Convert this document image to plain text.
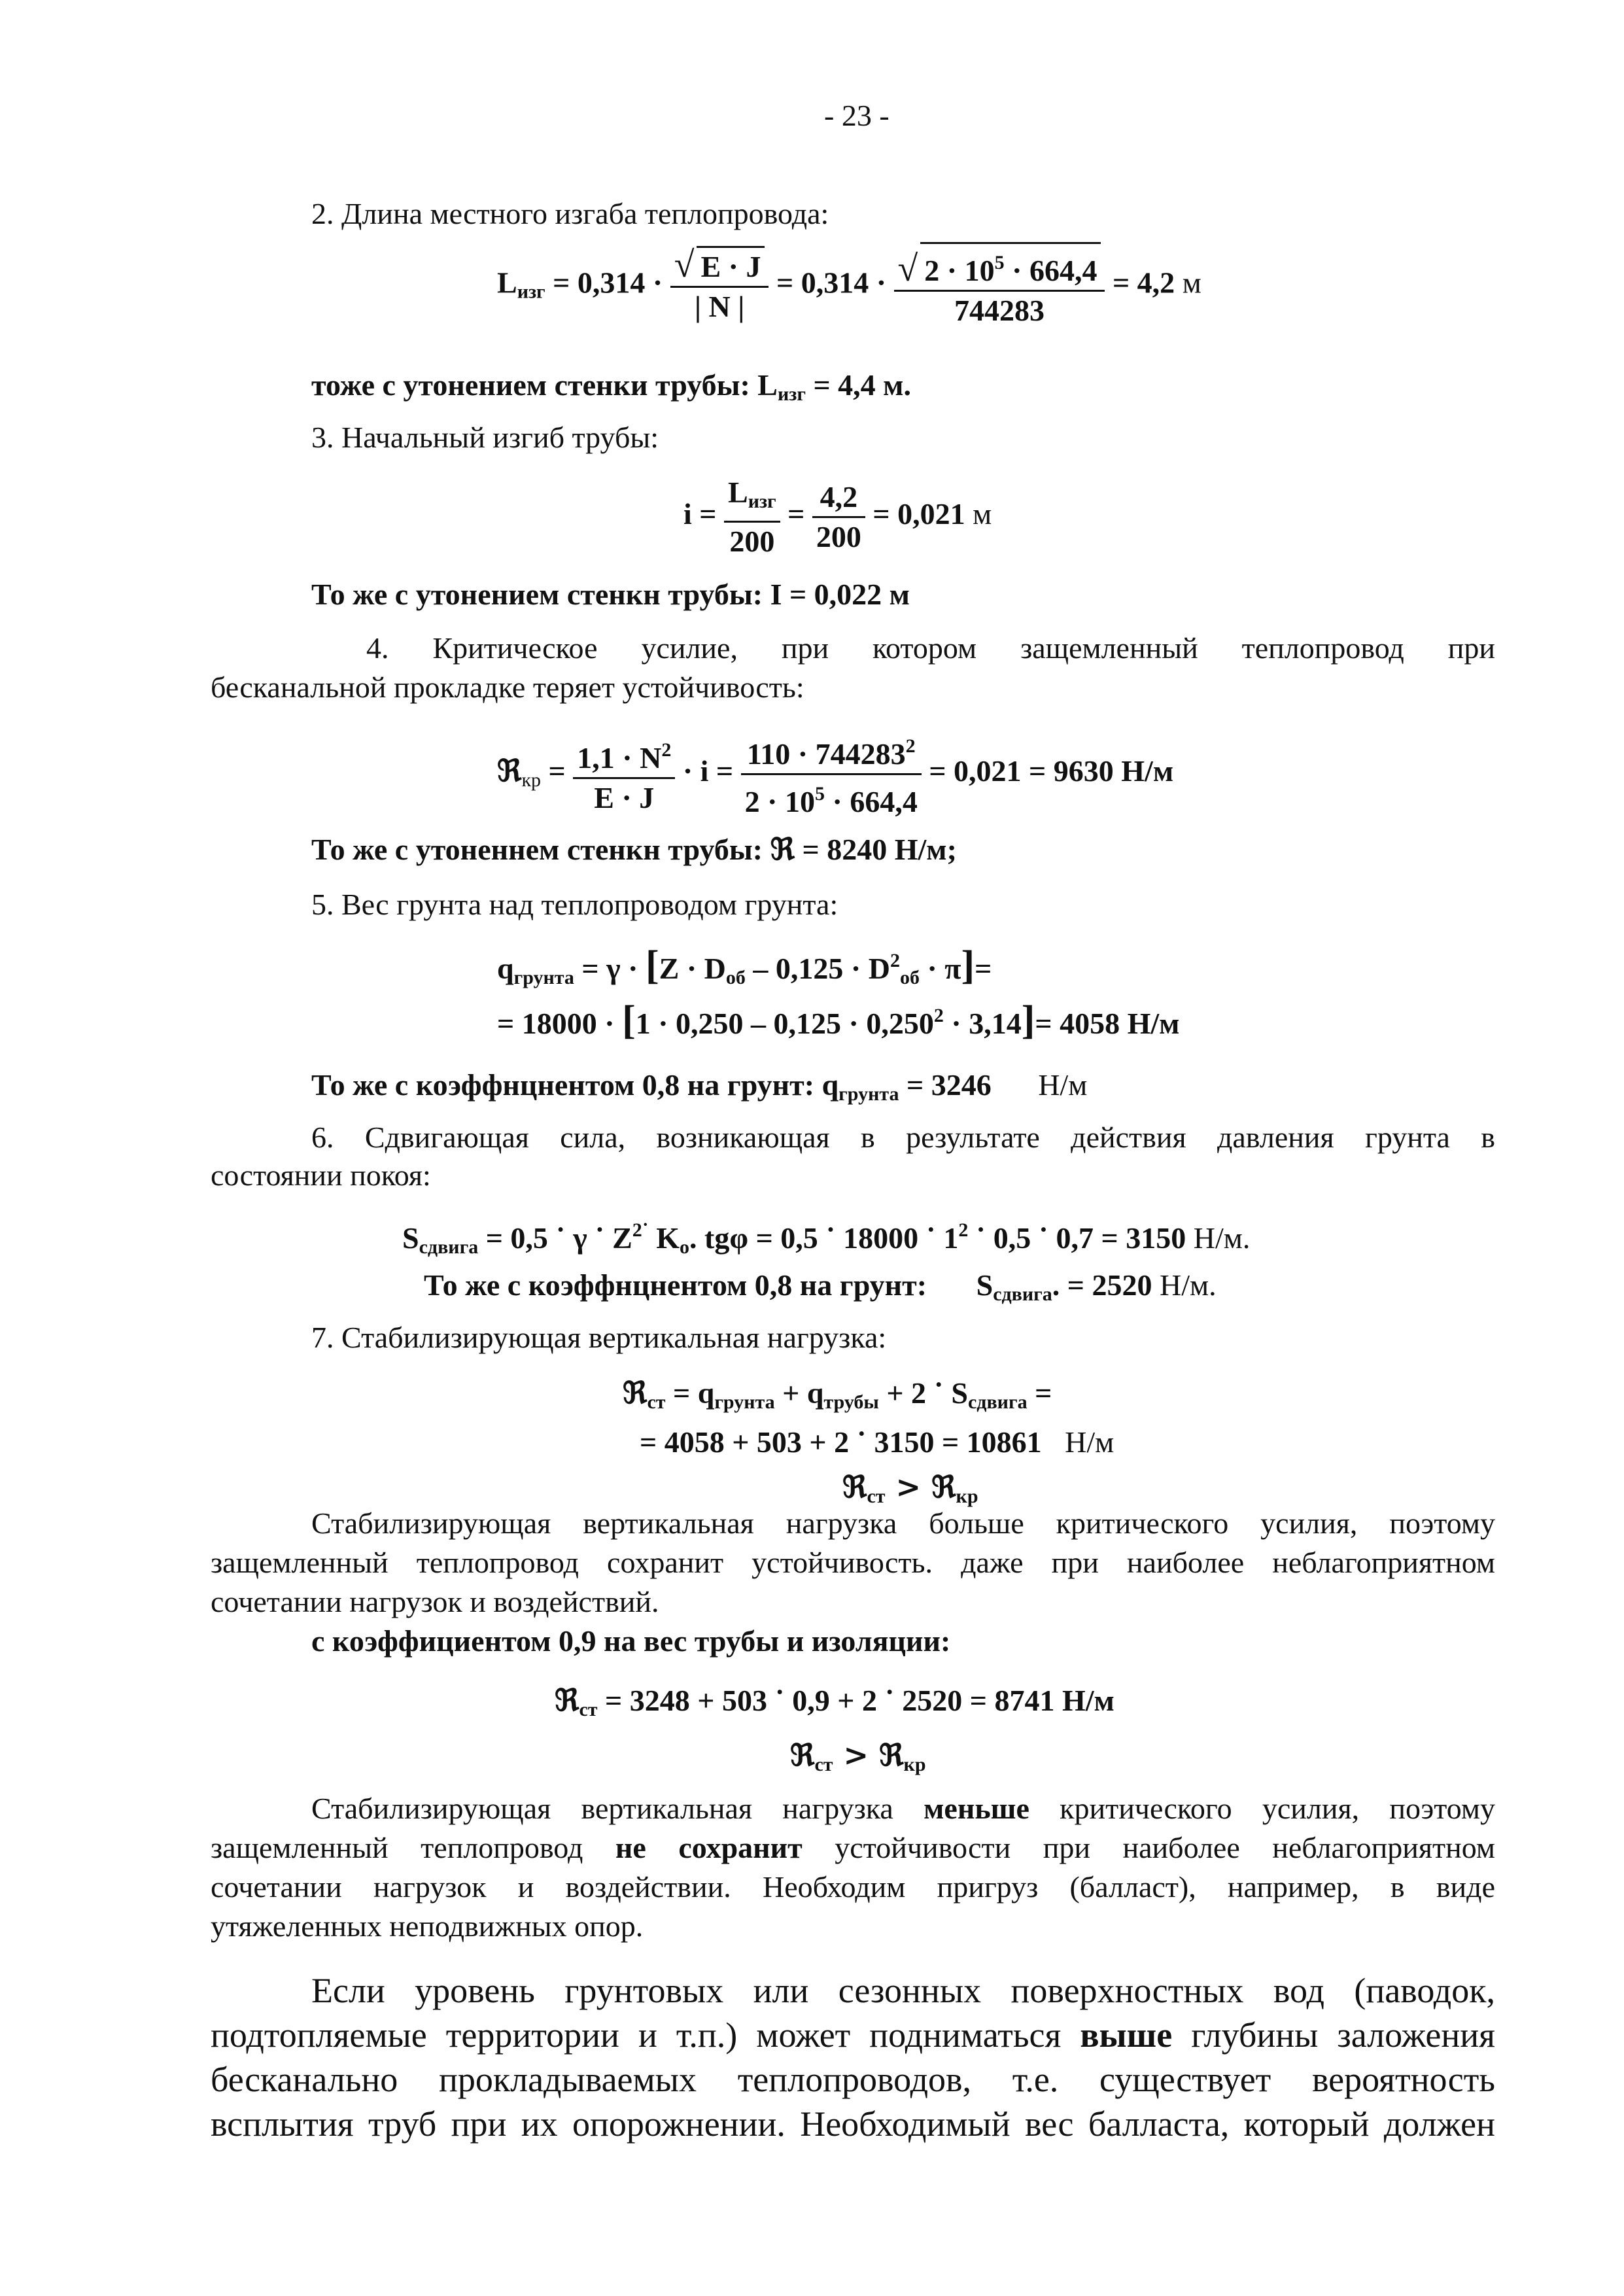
- 23 -
2. Длина местного изгаба теплопровода:
$L_{изг} = 0,314 \cdot \frac{√ E \cdot J}{| N |} = 0,314 \cdot \frac{√ 2 \cdot 10^5 \cdot 664,4}{744283} = 4,2$ м
тоже с утонением стенки трубы: $L_{изг} = 4,4$ м.
3. Начальный изгиб трубы:
$i = \frac{L_{изг}}{200} = \frac{4,2}{200} = 0,021$ м
То же с утонением стенкн трубы: I = 0,022 м
4. Критическое усилие, при котором защемленный теплопровод при
бесканальной прокладке теряет устойчивость:
ℜ$_{кр}$ = $\frac{1,1 \cdot N^2}{E \cdot J} \cdot i = \frac{110 \cdot 744283^2}{2 \cdot 10^5 \cdot 664,4} = 0,021 = 9630$ Н/м
То же с утоненнем стенкн трубы: ℜ = 8240 Н/м;
5. Вес грунта над теплопроводом грунта:
$q_{грунта} = \gamma \cdot [Z \cdot D_{об} - 0,125 \cdot D^2_{об} \cdot \pi]=$
= $18000 \cdot [1 \cdot 0,250 - 0,125 \cdot 0,250^2 \cdot 3,14]= 4058$ Н/м
То же с коэффнцнентом 0,8 на грунт: $q_{грунта} = 3246$ Н/м
6. Сдвигающая сила, возникающая в результате действия давления грунта в
состоянии покоя:
$S_{сдвига} = 0,5$ ˙ γ ˙ $Z^{2˙}$ $K_o$. tgφ = 0,5 ˙ 18000 ˙ $1^2$ ˙ 0,5 ˙ 0,7 = 3150 Н/м.
То же с коэффнцнентом 0,8 на грунт: $S_{сдвига}$. = 2520 Н/м.
7. Стабилизирующая вертикальная нагрузка:
ℜ$_{ст}$ = $q_{грунта} + q_{трубы} + 2$ ˙ $S_{сдвига}$ =
= 4058 + 503 + 2 ˙ 3150 = 10861 Н/м
ℜ$_{ст}$ > ℜ$_{кр}$
Стабилизирующая вертикальная нагрузка больше критического усилия, поэтому
защемленный теплопровод сохранит устойчивость. даже при наиболее неблагоприятном
сочетании нагрузок и воздействий.
с коэффициентом 0,9 на вес трубы и изоляции:
ℜ$_{ст}$ = 3248 + 503 ˙ 0,9 + 2 ˙ 2520 = 8741 Н/м
ℜ$_{ст}$ > ℜ$_{кр}$
Стабилизирующая вертикальная нагрузка меньше критического усилия, поэтому
защемленный теплопровод не сохранит устойчивости при наиболее неблагоприятном
сочетании нагрузок и воздействии. Необходим пригруз (балласт), например, в виде
утяжеленных неподвижных опор.
Если уровень грунтовых или сезонных поверхностных вод (паводок,
подтопляемые территории и т.п.) может подниматься выше глубины заложения
бесканально прокладываемых теплопроводов, т.е. существует вероятность
всплытия труб при их опорожнении. Необходимый вес балласта, который должен
